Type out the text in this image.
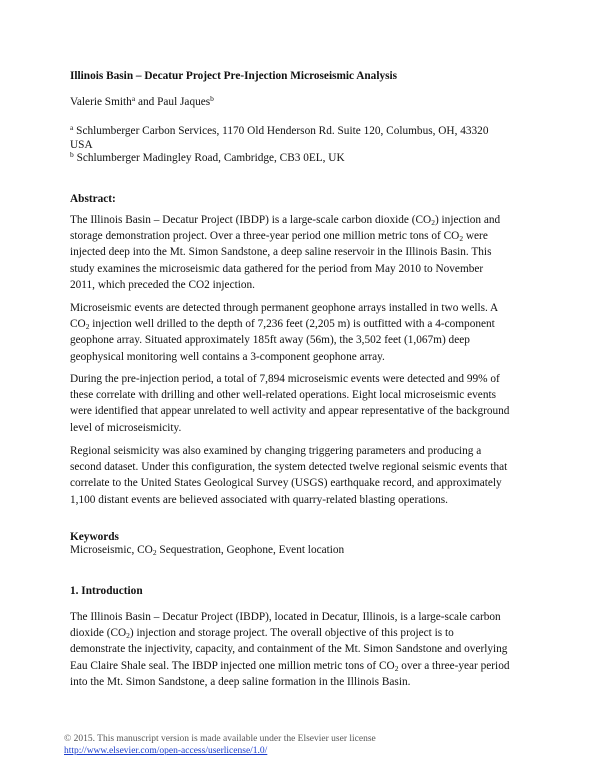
Illinois Basin – Decatur Project Pre-Injection Microseismic Analysis
Valerie Smith$^a$ and Paul Jaques$^b$
$^a$ Schlumberger Carbon Services, 1170 Old Henderson Rd. Suite 120, Columbus, OH, 43320
USA
$^b$ Schlumberger Madingley Road, Cambridge, CB3 0EL, UK
Abstract:
The Illinois Basin – Decatur Project (IBDP) is a large-scale carbon dioxide $(CO_2)$ injection and
storage demonstration project. Over a three-year period one million metric tons of $CO_2$ were
injected deep into the Mt. Simon Sandstone, a deep saline reservoir in the Illinois Basin. This
study examines the microseismic data gathered for the period from May 2010 to November
2011, which preceded the CO2 injection.
Microseismic events are detected through permanent geophone arrays installed in two wells. A
$CO_2$ injection well drilled to the depth of 7,236 feet (2,205 m) is outfitted with a 4-component
geophone array. Situated approximately 185ft away (56m), the 3,502 feet (1,067m) deep
geophysical monitoring well contains a 3-component geophone array.
During the pre-injection period, a total of 7,894 microseismic events were detected and 99% of
these correlate with drilling and other well-related operations. Eight local microseismic events
were identified that appear unrelated to well activity and appear representative of the background
level of microseismicity.
Regional seismicity was also examined by changing triggering parameters and producing a
second dataset. Under this configuration, the system detected twelve regional seismic events that
correlate to the United States Geological Survey (USGS) earthquake record, and approximately
1,100 distant events are believed associated with quarry-related blasting operations.
Keywords
Microseismic, $CO_2$ Sequestration, Geophone, Event location
1. Introduction
The Illinois Basin – Decatur Project (IBDP), located in Decatur, Illinois, is a large-scale carbon
dioxide $(CO_2)$ injection and storage project. The overall objective of this project is to
demonstrate the injectivity, capacity, and containment of the Mt. Simon Sandstone and overlying
Eau Claire Shale seal. The IBDP injected one million metric tons of $CO_2$ over a three-year period
into the Mt. Simon Sandstone, a deep saline formation in the Illinois Basin.
© 2015. This manuscript version is made available under the Elsevier user license
http://www.elsevier.com/open-access/userlicense/1.0/
